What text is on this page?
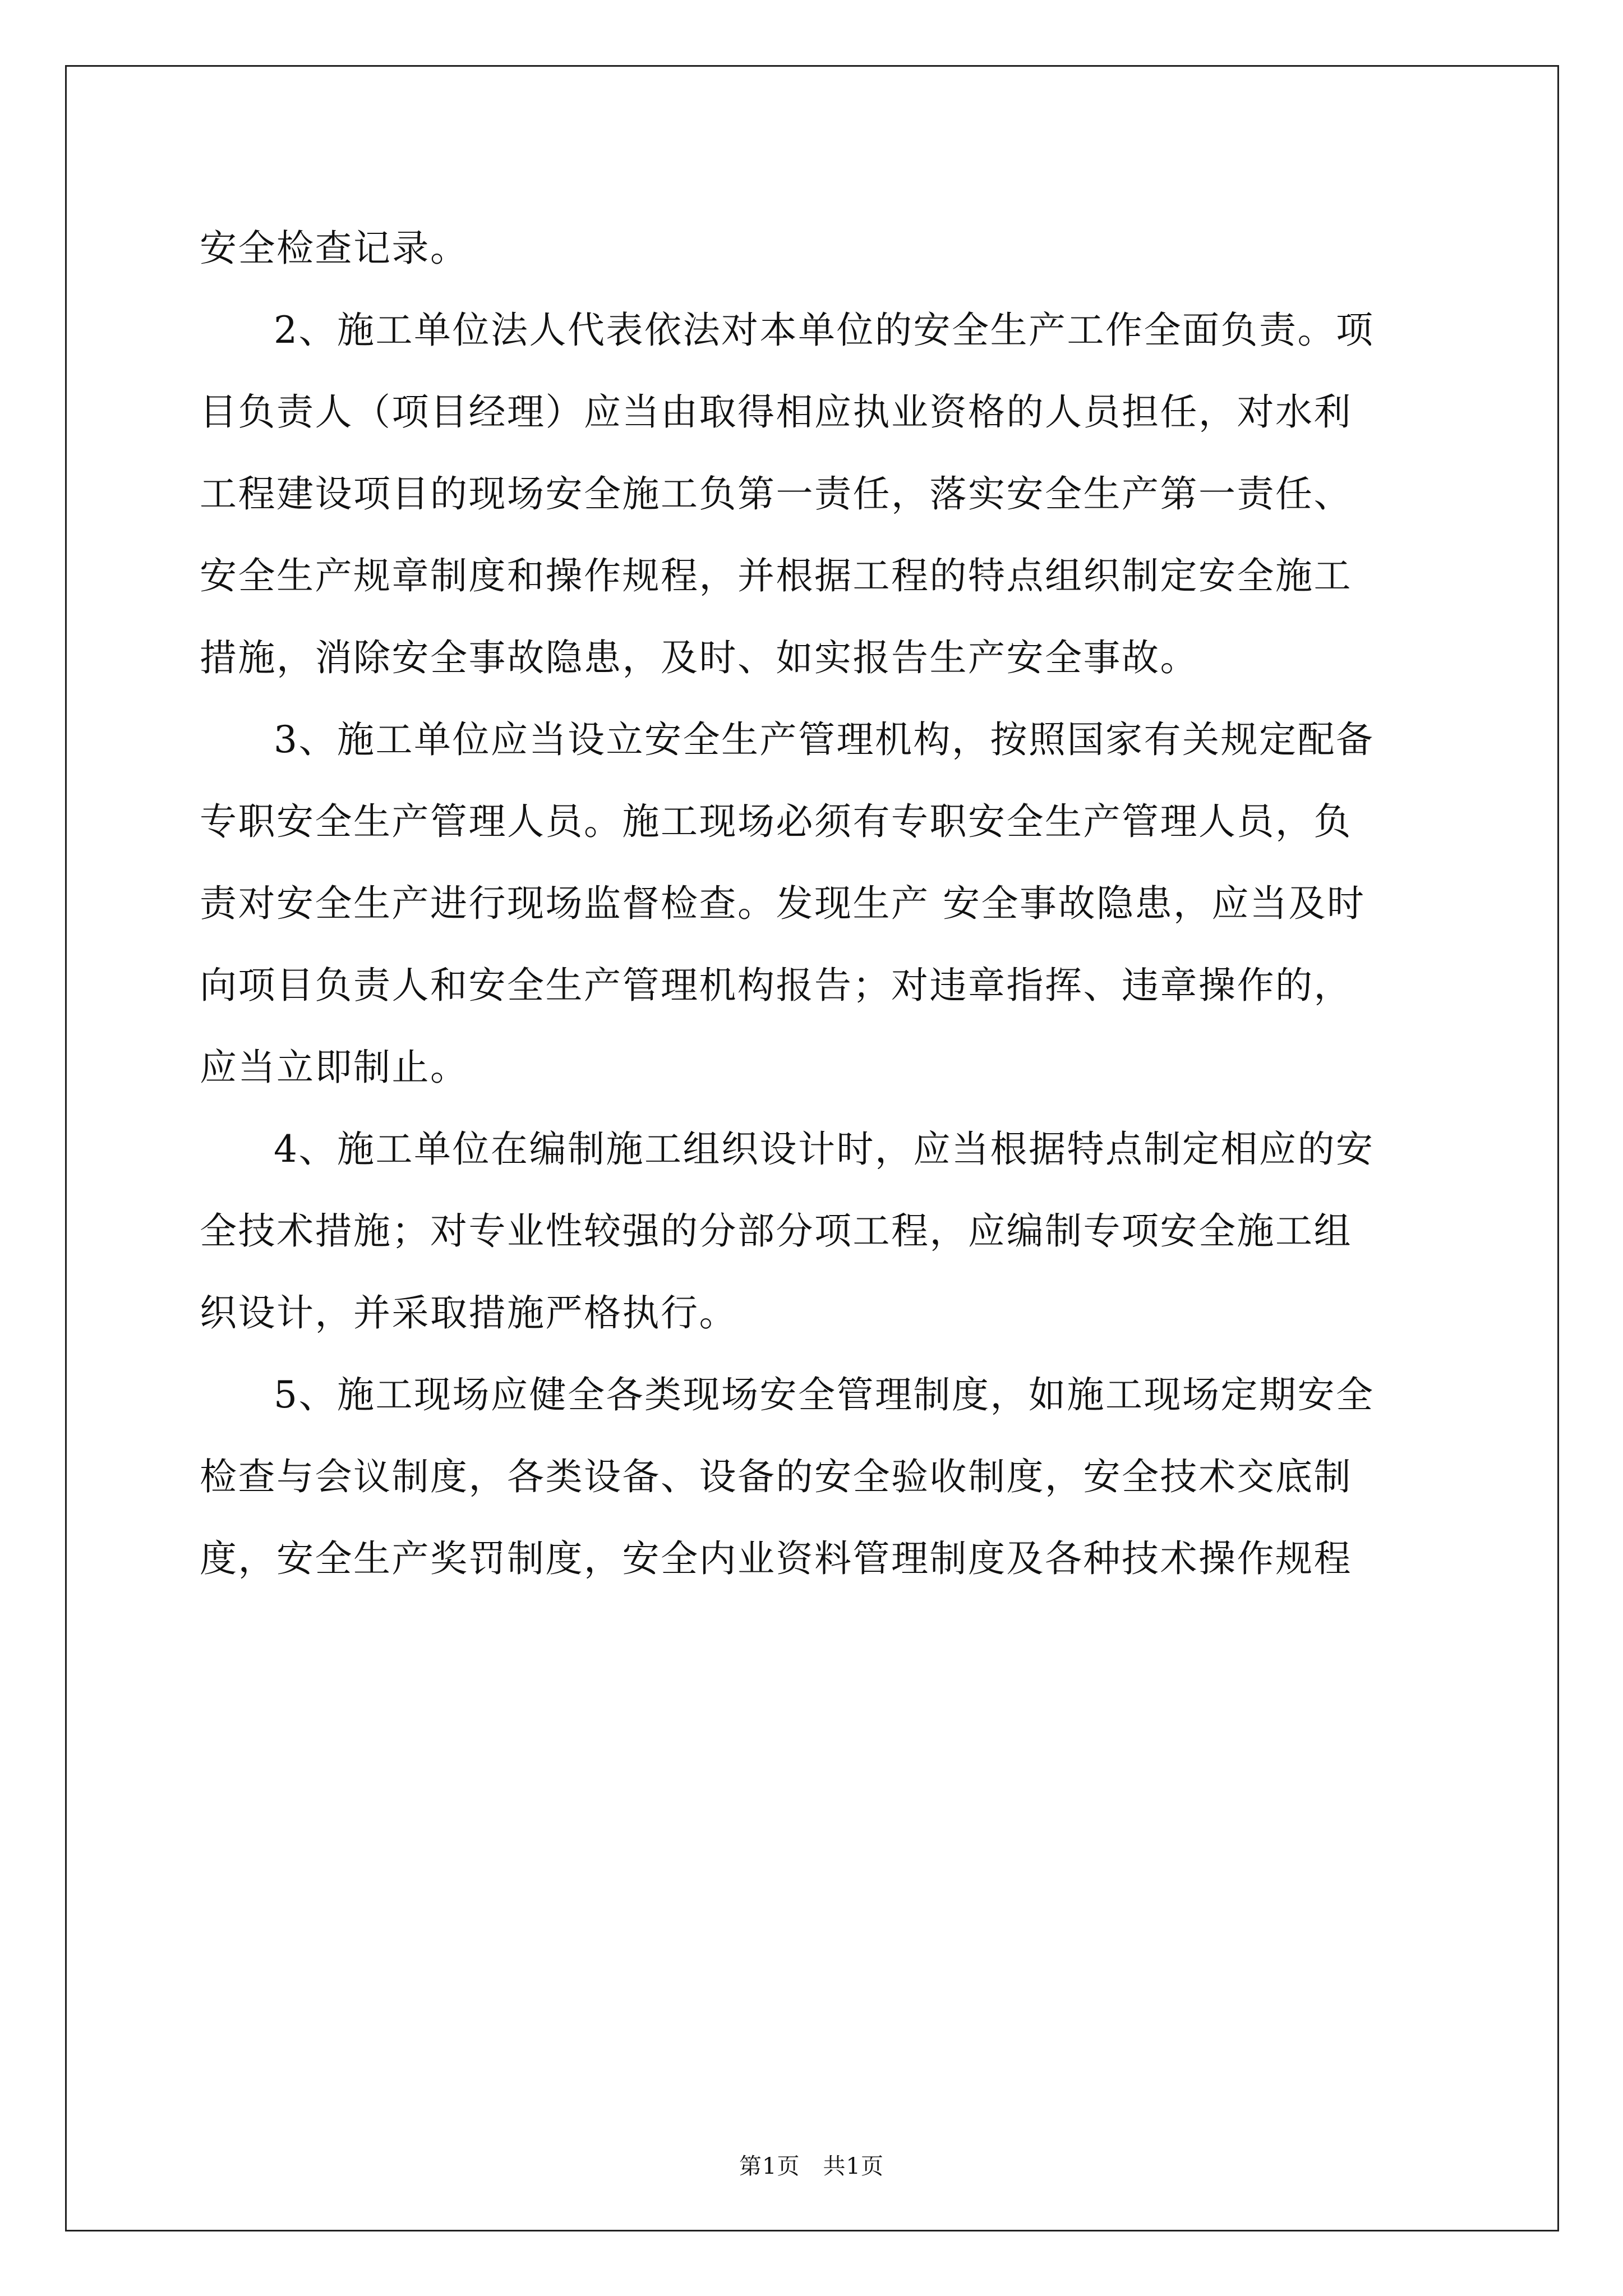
安全检查记录。
2、施工单位法人代表依法对本单位的安全生产工作全面负责。项
目负责人（项目经理）应当由取得相应执业资格的人员担任，对水利
工程建设项目的现场安全施工负第一责任，落实安全生产第一责任、
安全生产规章制度和操作规程，并根据工程的特点组织制定安全施工
措施，消除安全事故隐患，及时、如实报告生产安全事故。
3、施工单位应当设立安全生产管理机构，按照国家有关规定配备
专职安全生产管理人员。施工现场必须有专职安全生产管理人员，负
责对安全生产进行现场监督检查。发现生产 安全事故隐患，应当及时
向项目负责人和安全生产管理机构报告；对违章指挥、违章操作的，
应当立即制止。
4、施工单位在编制施工组织设计时，应当根据特点制定相应的安
全技术措施；对专业性较强的分部分项工程，应编制专项安全施工组
织设计，并采取措施严格执行。
5、施工现场应健全各类现场安全管理制度，如施工现场定期安全
检查与会议制度，各类设备、设备的安全验收制度，安全技术交底制
度，安全生产奖罚制度，安全内业资料管理制度及各种技术操作规程
第1页　共1页
